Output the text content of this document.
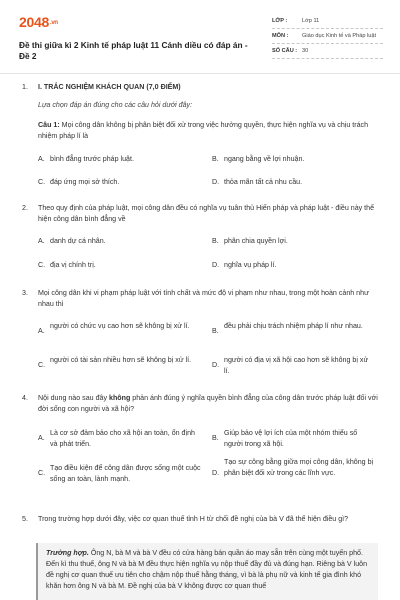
2048.vn
Đề thi giữa kì 2 Kinh tế pháp luật 11 Cánh diều có đáp án - Đề 2
LỚP :	Lớp 11
MÔN :	Giáo dục Kinh tế và Pháp luật
SỐ CÂU : 30
1.	I. TRẮC NGHIỆM KHÁCH QUAN (7,0 ĐIỂM)
Lựa chọn đáp án đúng cho các câu hỏi dưới đây:
Câu 1: Mọi công dân không bị phân biệt đối xử trong việc hưởng quyền, thực hiện nghĩa vụ và chịu trách nhiệm pháp lí là
A. bình đẳng trước pháp luật.	B. ngang bằng về lợi nhuận.
C. đáp ứng mọi sở thích.	D. thỏa mãn tất cả nhu cầu.
2.	Theo quy định của pháp luật, mọi công dân đều có nghĩa vụ tuân thủ Hiến pháp và pháp luật - điều này thể hiện công dân bình đẳng về
A. danh dự cá nhân.	B. phân chia quyền lợi.
C. địa vị chính trị.	D. nghĩa vụ pháp lí.
3.	Mọi công dân khi vi phạm pháp luật với tính chất và mức độ vi phạm như nhau, trong một hoàn cảnh như nhau thì
A.
người có chức vụ cao hơn sẽ không bị xử lí.
B.
đều phải chịu trách nhiệm pháp lí như nhau.
C.
người có tài sản nhiều hơn sẽ không bị xử lí.
D.
người có địa vị xã hội cao hơn sẽ không bị xử lí.
4.	Nội dung nào sau đây không phản ánh đúng ý nghĩa quyền bình đẳng của công dân trước pháp luật đối với đời sống con người và xã hội?
A.
Là cơ sở đảm bảo cho xã hội an toàn, ổn định và phát triển.
B.
Giúp bảo vệ lợi ích của một nhóm thiểu số người trong xã hội.
C.
Tạo điều kiện để công dân được sống một cuộc sống an toàn, lành mạnh.
D.
Tạo sự công bằng giữa mọi công dân, không bị phân biệt đối xử trong các lĩnh vực.
5.	Trong trường hợp dưới đây, việc cơ quan thuế tỉnh H từ chối đề nghị của bà V đã thể hiện điều gì?
Trường hợp. Ông N, bà M và bà V đều có cửa hàng bán quần áo may sẵn trên cùng một tuyến phố. Đến kì thu thuế, ông N và bà M đều thực hiện nghĩa vụ nộp thuế đầy đủ và đúng hạn. Riêng bà V luôn đề nghị cơ quan thuế ưu tiên cho chậm nộp thuế hằng tháng, vì bà là phụ nữ và kinh tế gia đình khó khăn hơn ông N và bà M. Đề nghị của bà V không được cơ quan thuế
